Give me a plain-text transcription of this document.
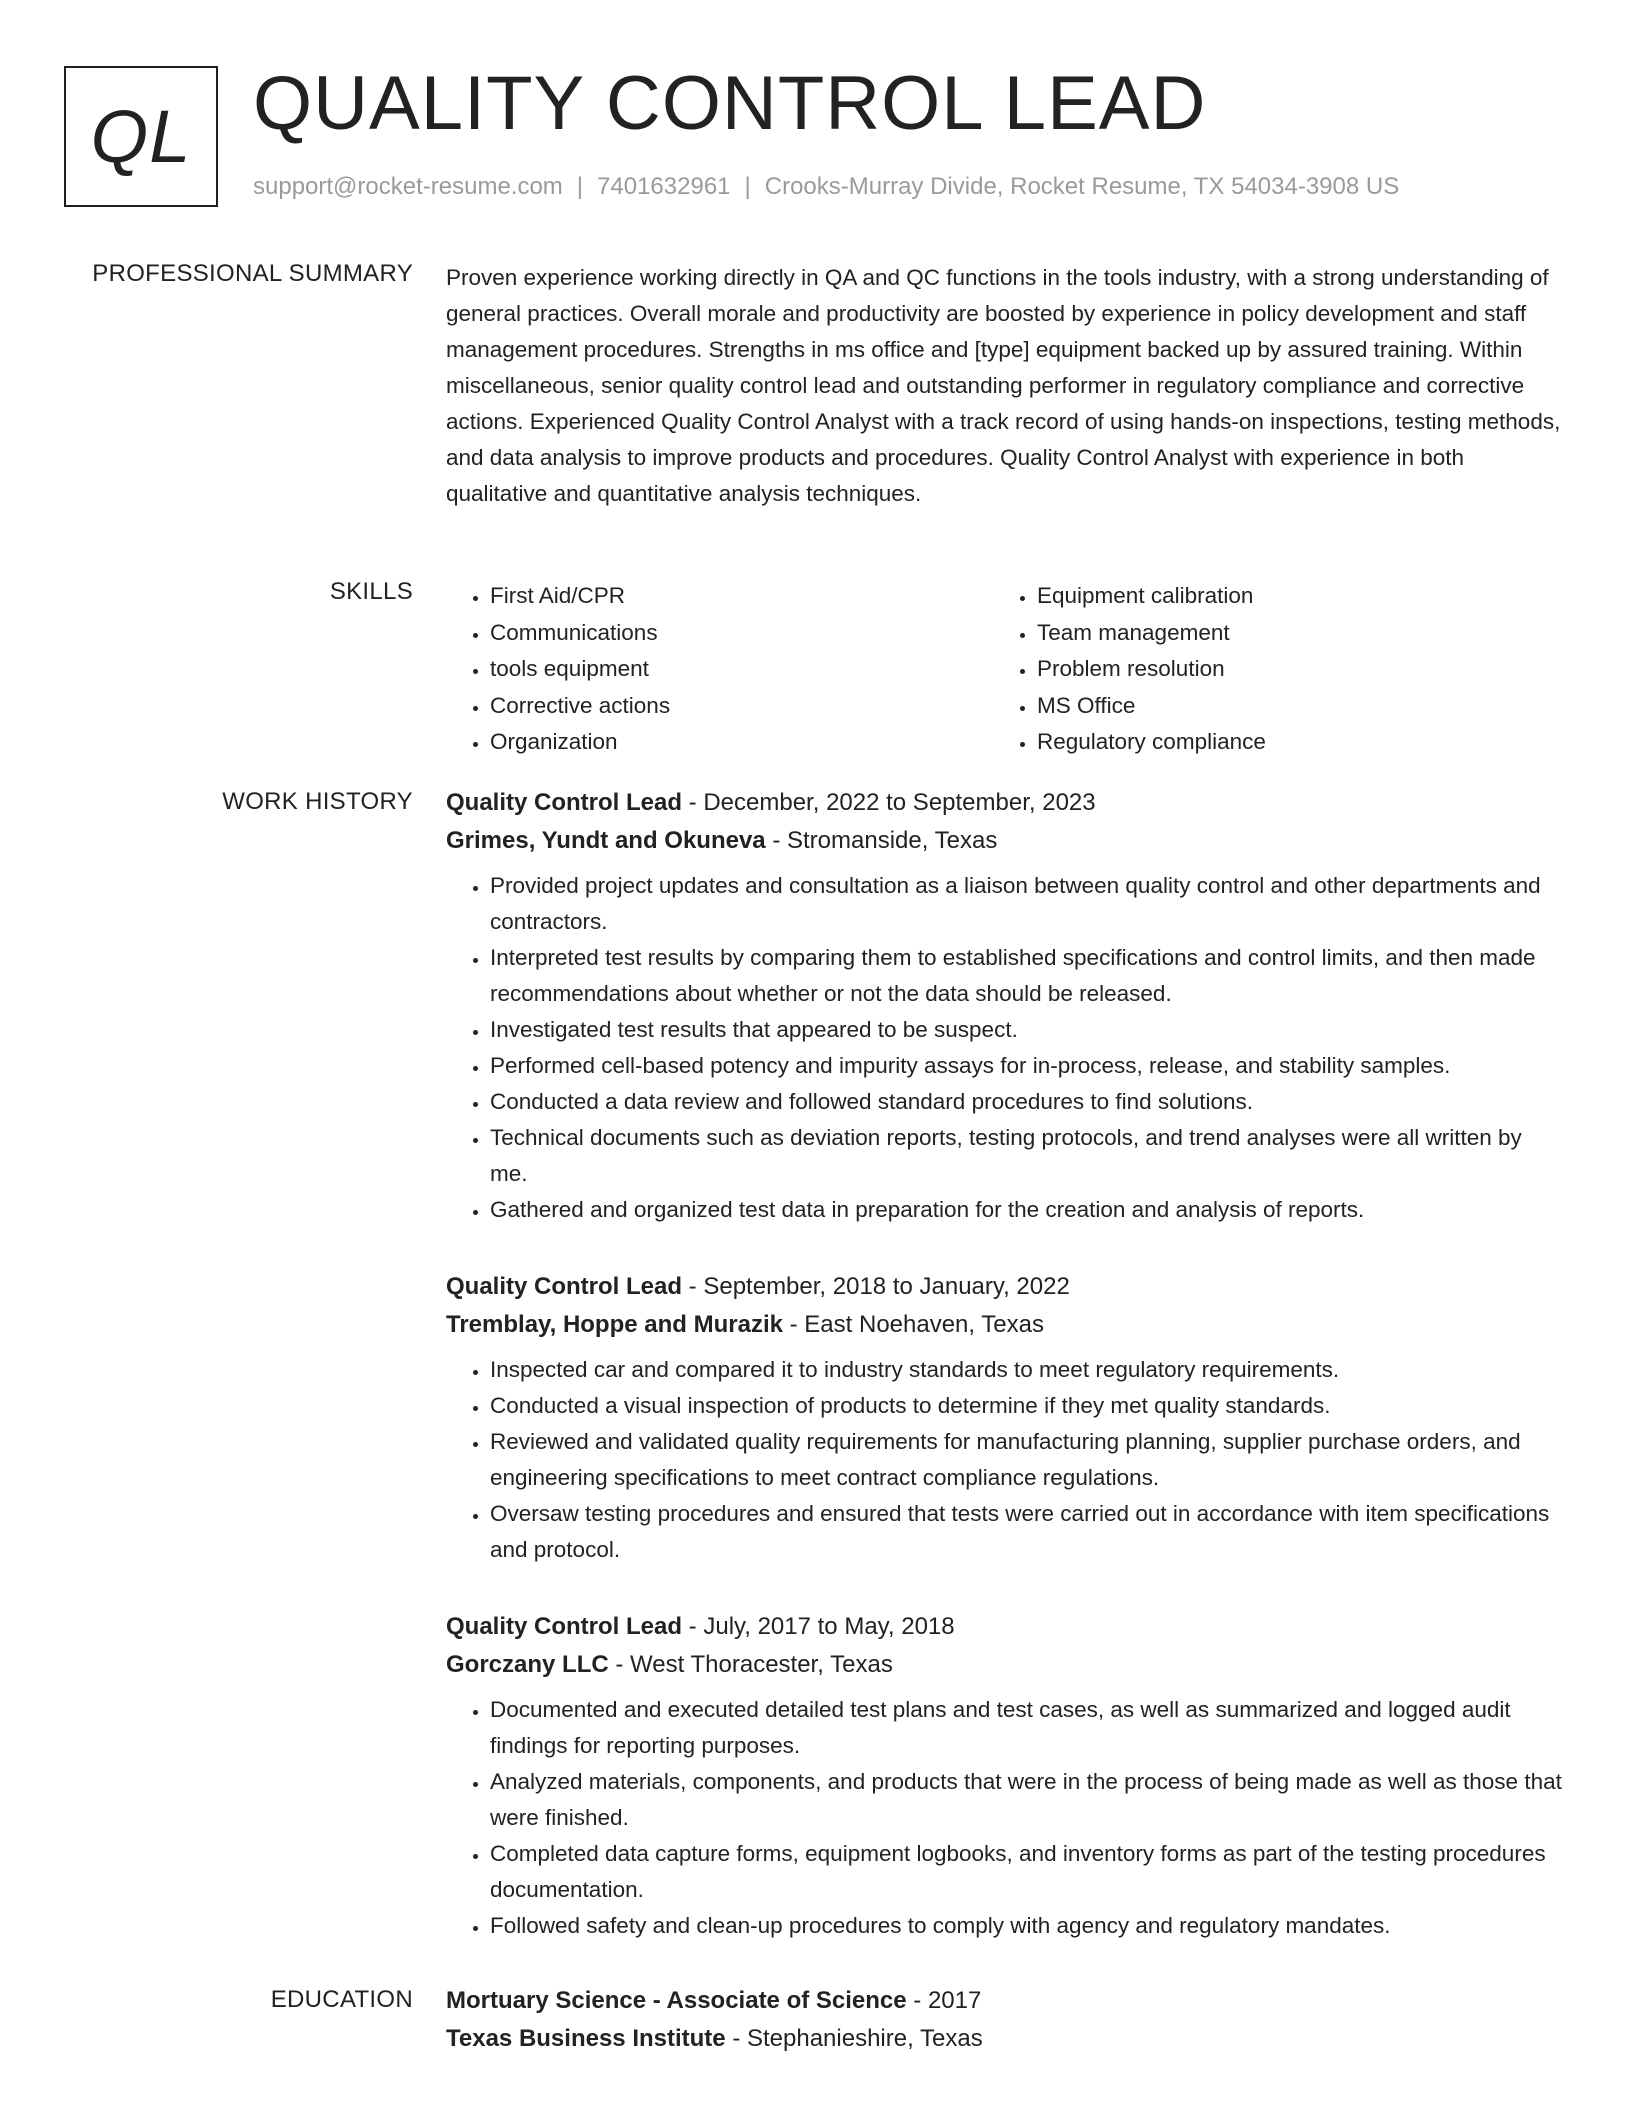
QL QUALITY CONTROL LEAD
support@rocket-resume.com | 7401632961 | Crooks-Murray Divide, Rocket Resume, TX 54034-3908 US
PROFESSIONAL SUMMARY Proven experience working directly in QA and QC functions in the tools industry, with a strong understanding of general practices. Overall morale and productivity are boosted by experience in policy development and staff management procedures. Strengths in ms office and [type] equipment backed up by assured training. Within miscellaneous, senior quality control lead and outstanding performer in regulatory compliance and corrective actions. Experienced Quality Control Analyst with a track record of using hands-on inspections, testing methods, and data analysis to improve products and procedures. Quality Control Analyst with experience in both qualitative and quantitative analysis techniques.

SKILLS
•	First Aid/CPR
• Communications
• tools equipment
• Corrective actions
• Organization
• Equipment calibration
• Team management
• Problem resolution
• MS Office
• Regulatory compliance
WORK HISTORY Quality Control Lead - December, 2022 to September, 2023
Grimes, Yundt and Okuneva - Stromanside, Texas
• Provided project updates and consultation as a liaison between quality control and other departments and contractors.
• Interpreted test results by comparing them to established specifications and control limits, and then made recommendations about whether or not the data should be released.
• Investigated test results that appeared to be suspect.
• Performed cell-based potency and impurity assays for in-process, release, and stability samples.
• Conducted a data review and followed standard procedures to find solutions.
• Technical documents such as deviation reports, testing protocols, and trend analyses were all written by me.
• Gathered and organized test data in preparation for the creation and analysis of reports.
Quality Control Lead - September, 2018 to January, 2022
Tremblay, Hoppe and Murazik - East Noehaven, Texas
• Inspected car and compared it to industry standards to meet regulatory requirements.
• Conducted a visual inspection of products to determine if they met quality standards.
• Reviewed and validated quality requirements for manufacturing planning, supplier purchase orders, and engineering specifications to meet contract compliance regulations.
• Oversaw testing procedures and ensured that tests were carried out in accordance with item specifications and protocol.
Quality Control Lead - July, 2017 to May, 2018
Gorczany LLC - West Thoracester, Texas
• Documented and executed detailed test plans and test cases, as well as summarized and logged audit findings for reporting purposes.
• Analyzed materials, components, and products that were in the process of being made as well as those that were finished.
• Completed data capture forms, equipment logbooks, and inventory forms as part of the testing procedures documentation.
• Followed safety and clean-up procedures to comply with agency and regulatory mandates.
EDUCATION Mortuary Science - Associate of Science - 2017
Texas Business Institute - Stephanieshire, Texas
